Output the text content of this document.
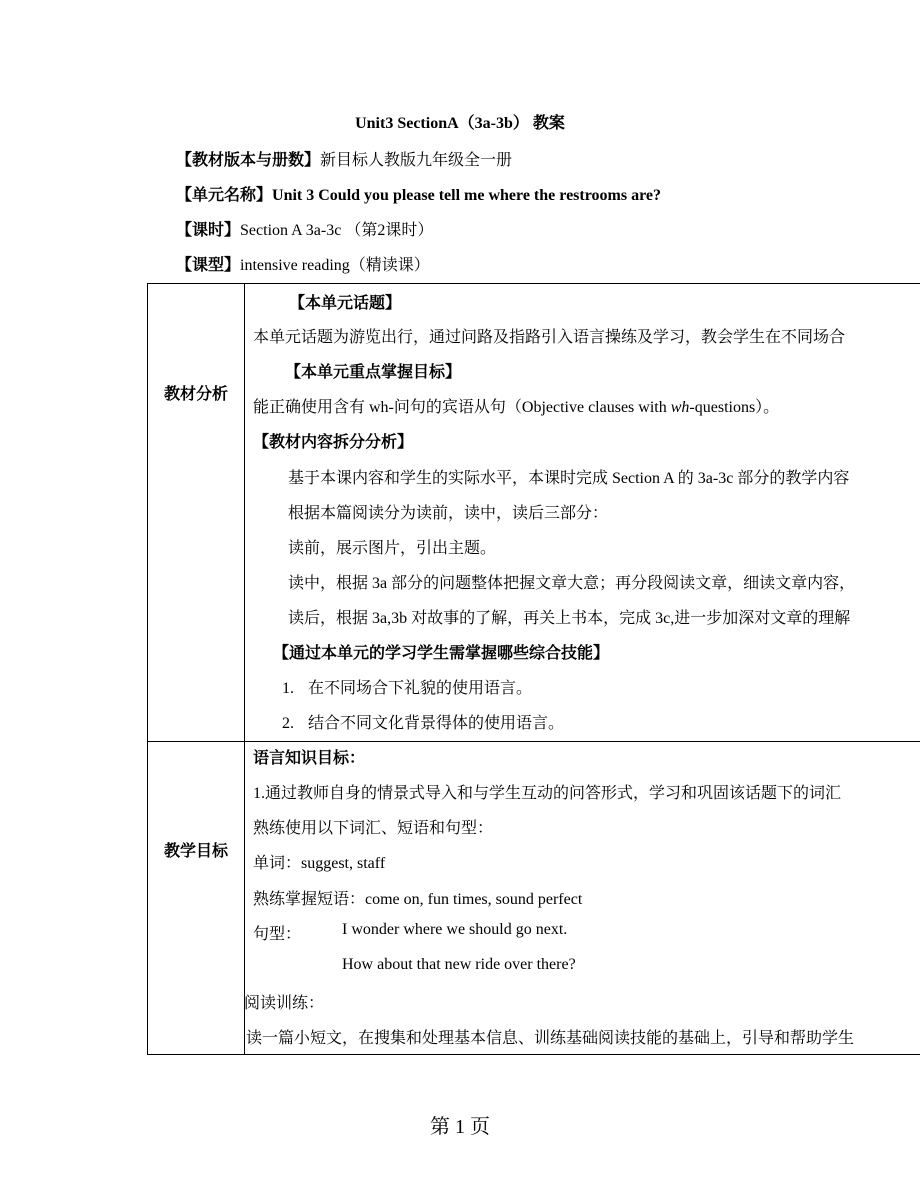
Unit3 SectionA（3a-3b） 教案
【教材版本与册数】新目标人教版九年级全一册
【单元名称】Unit 3 Could you please tell me where the restrooms are?
【课时】Section A 3a-3c （第2课时）
【课型】intensive reading（精读课）
教材分析
【本单元话题】
本单元话题为游览出行，通过问路及指路引入语言操练及学习，教会学生在不同场合
【本单元重点掌握目标】
能正确使用含有 wh-问句的宾语从句（Objective clauses with wh-questions）。
【教材内容拆分分析】
基于本课内容和学生的实际水平，本课时完成 Section A 的 3a-3c 部分的教学内容
根据本篇阅读分为读前，读中，读后三部分：
读前，展示图片，引出主题。
读中，根据 3a 部分的问题整体把握文章大意；再分段阅读文章，细读文章内容，
读后，根据 3a,3b 对故事的了解，再关上书本，完成 3c,进一步加深对文章的理解
【通过本单元的学习学生需掌握哪些综合技能】
1. 在不同场合下礼貌的使用语言。
2. 结合不同文化背景得体的使用语言。
教学目标
语言知识目标：
1.通过教师自身的情景式导入和与学生互动的问答形式，学习和巩固该话题下的词汇
熟练使用以下词汇、短语和句型：
单词：suggest, staff
熟练掌握短语：come on, fun times, sound perfect
句型：	I wonder where we should go next.
How about that new ride over there?
阅读训练：
读一篇小短文，在搜集和处理基本信息、训练基础阅读技能的基础上，引导和帮助学生
第 1 页
